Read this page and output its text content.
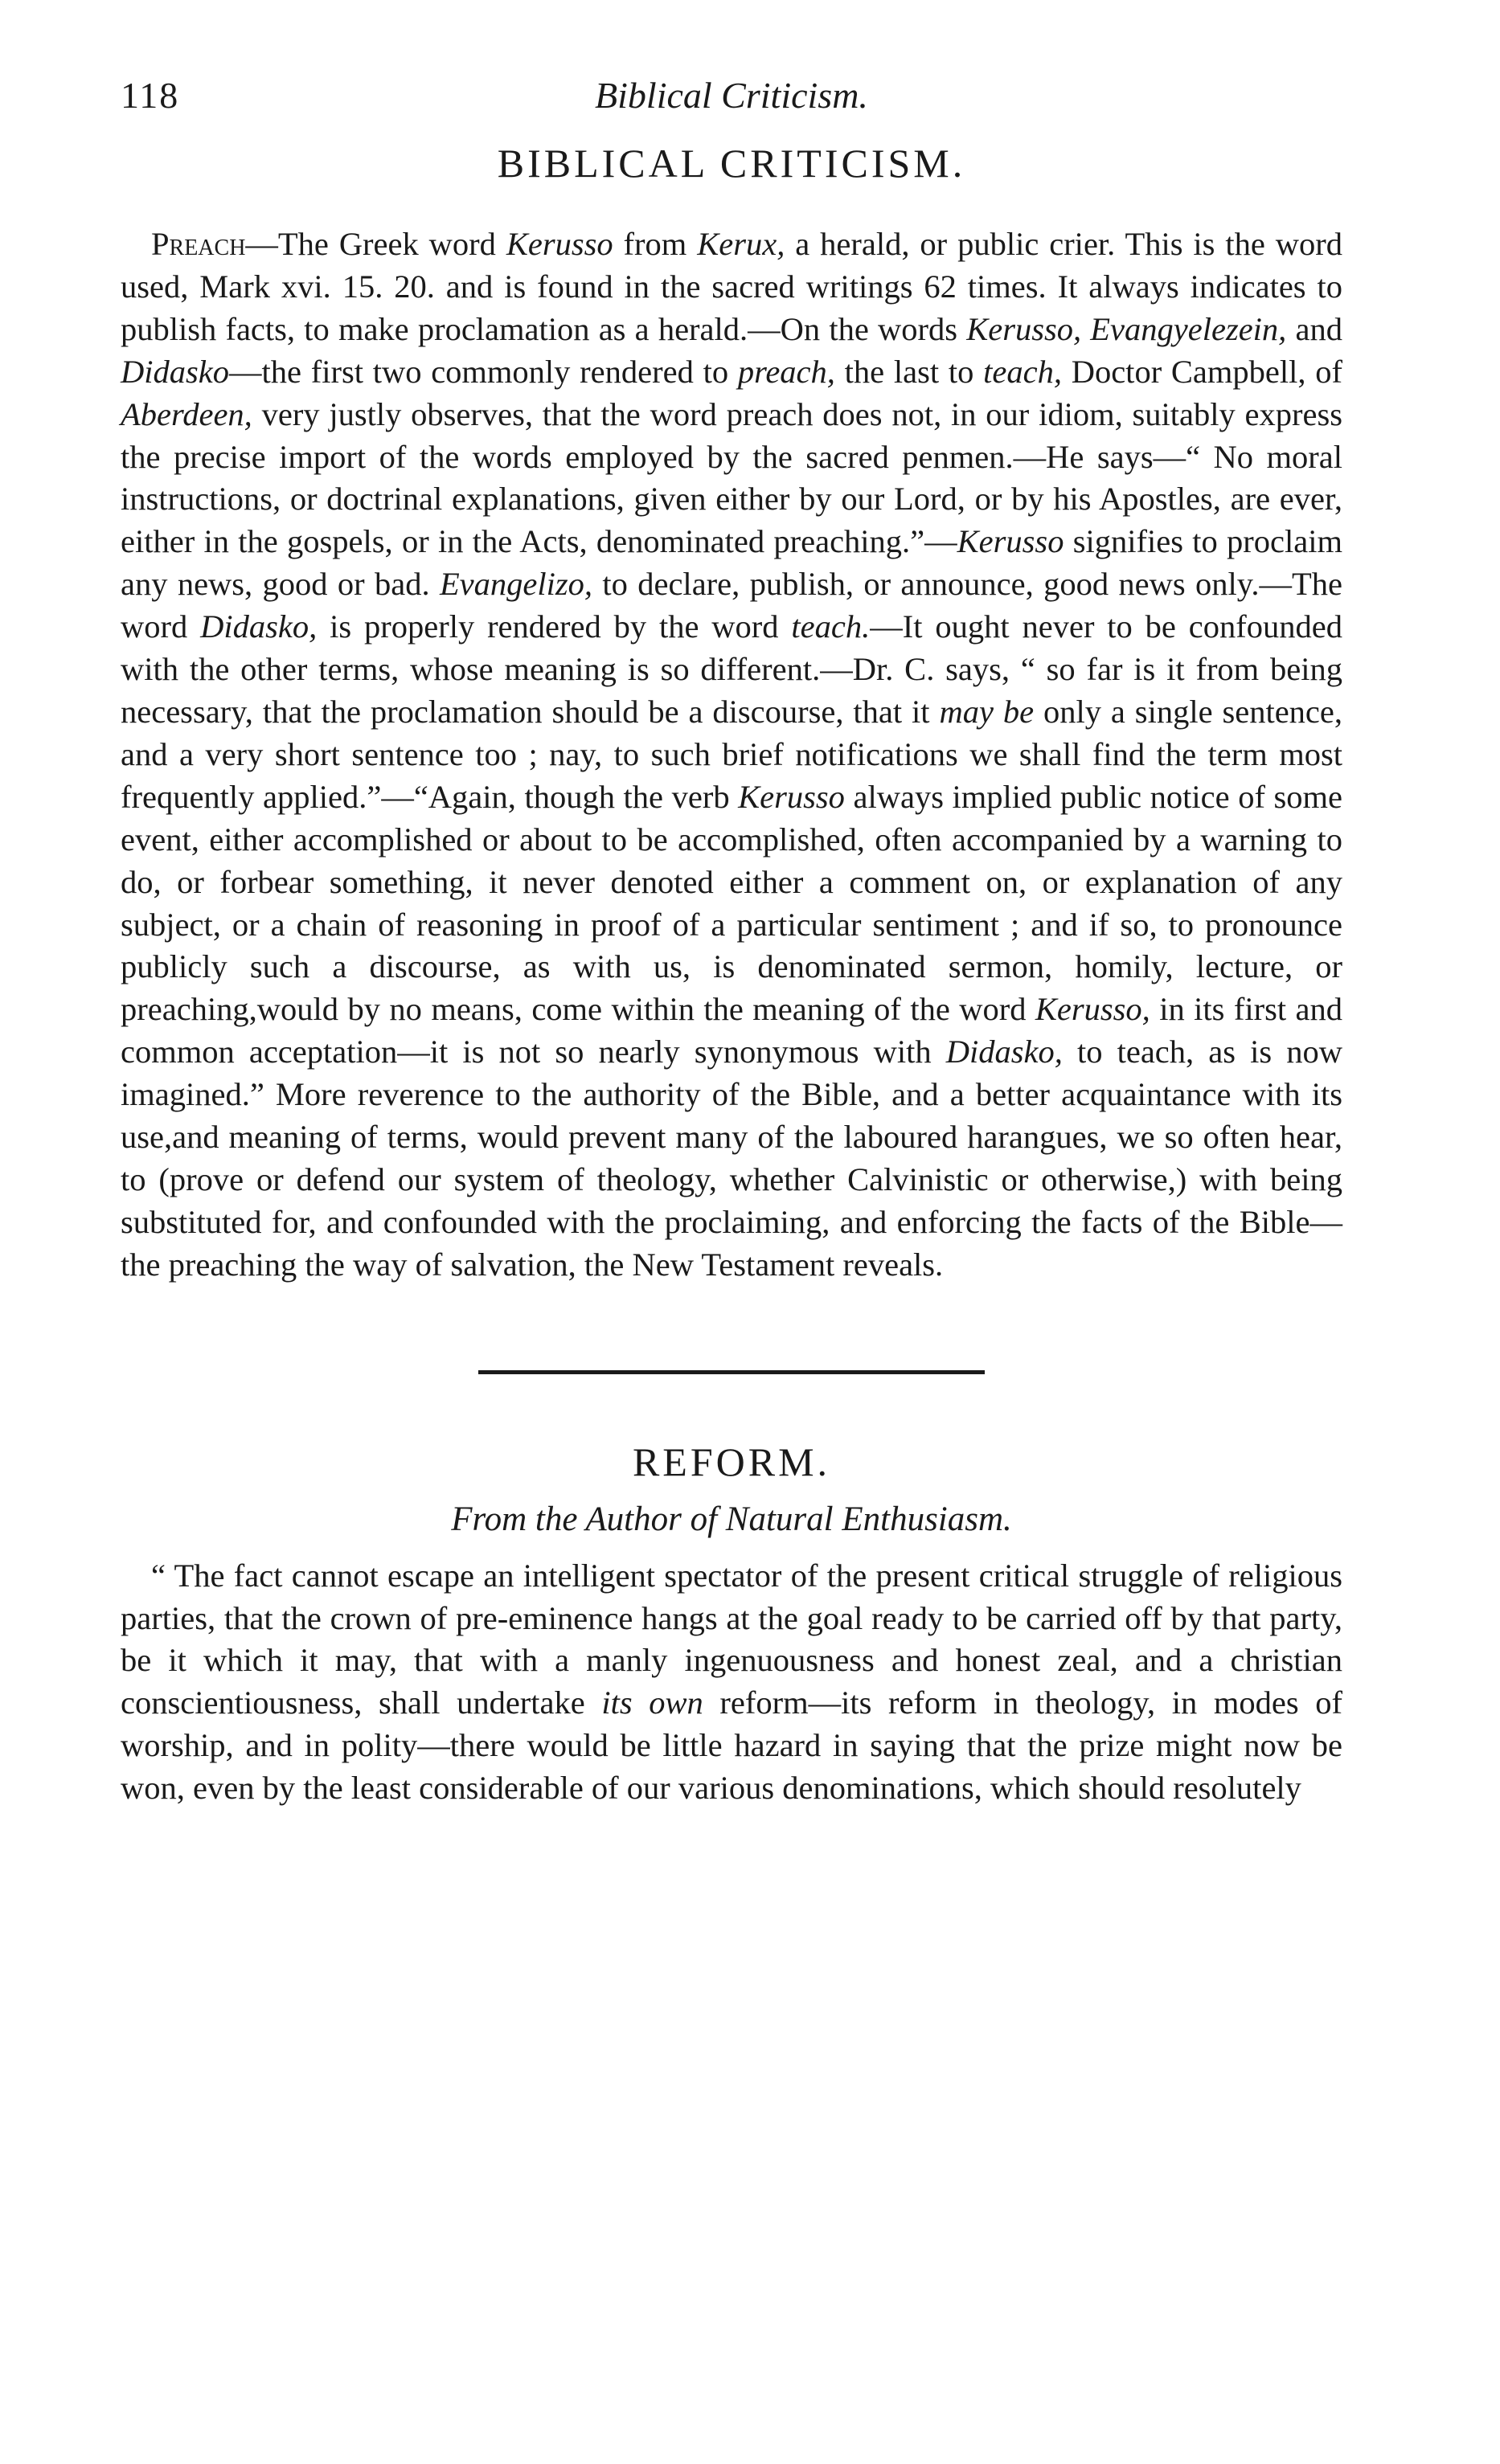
118	Biblical Criticism.
BIBLICAL CRITICISM.

Preach—The Greek word Kerusso from Kerux, a herald, or public crier. This is the word used, Mark xvi. 15. 20. and is found in the sacred writings 62 times. It always indicates to publish facts, to make proclamation as a herald.—On the words Kerusso, Evangyelezein, and Didasko—the first two commonly rendered to preach, the last to teach, Doctor Campbell, of Aberdeen, very justly observes, that the word preach does not, in our idiom, suitably express the precise import of the words employed by the sacred penmen.—He says—“ No moral instructions, or doctrinal explanations, given either by our Lord, or by his Apostles, are ever, either in the gospels, or in the Acts, denominated preaching.”—Kerusso signifies to proclaim any news, good or bad. Evangelizo, to declare, publish, or announce, good news only.—The word Didasko, is properly rendered by the word teach.—It ought never to be confounded with the other terms, whose meaning is so different.—Dr. C. says, “ so far is it from being necessary, that the proclamation should be a discourse, that it may be only a single sentence, and a very short sentence too ; nay, to such brief notifications we shall find the term most frequently applied.”—“Again, though the verb Kerusso always implied public notice of some event, either accomplished or about to be accomplished, often accompanied by a warning to do, or forbear something, it never denoted either a comment on, or explanation of any subject, or a chain of reasoning in proof of a particular sentiment ; and if so, to pronounce publicly such a discourse, as with us, is denominated sermon, homily, lecture, or preaching,would by no means, come within the meaning of the word Kerusso, in its first and common acceptation—it is not so nearly synonymous with Didasko, to teach, as is now imagined.” More reverence to the authority of the Bible, and a better acquaintance with its use,and meaning of terms, would prevent many of the laboured harangues, we so often hear, to (prove or defend our system of theology, whether Calvinistic or otherwise,) with being substituted for, and confounded with the proclaiming, and enforcing the facts of the Bible—the preaching the way of salvation, the New Testament reveals.

REFORM.

From the Author of Natural Enthusiasm.

“ The fact cannot escape an intelligent spectator of the present critical struggle of religious parties, that the crown of pre-eminence hangs at the goal ready to be carried off by that party, be it which it may, that with a manly ingenuousness and honest zeal, and a christian conscientiousness, shall undertake its own reform—its reform in theology, in modes of worship, and in polity—there would be little hazard in saying that the prize might now be won, even by the least considerable of our various denominations, which should resolutely
